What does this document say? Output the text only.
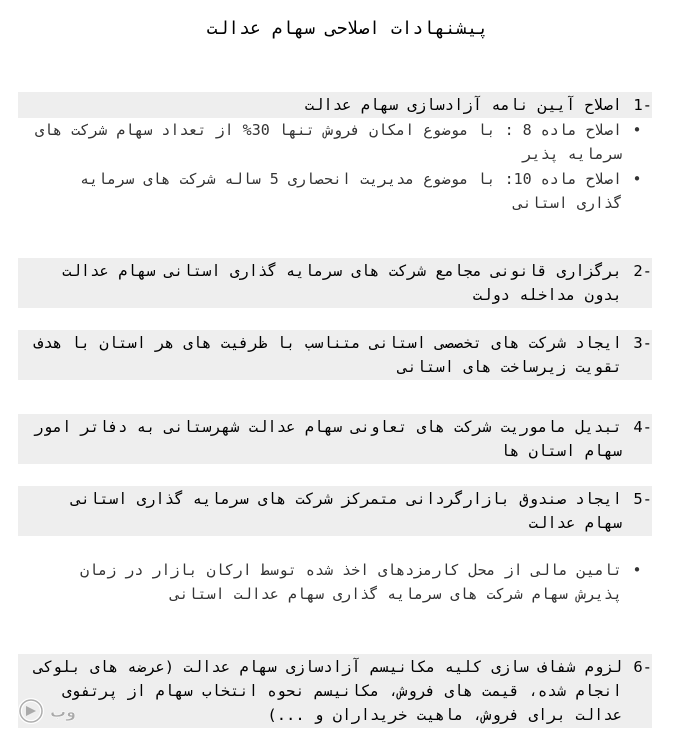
پیشنهادات اصلاحی سهام عدالت
1-
اصلاح آیین نامه آزادسازی سهام عدالت
•
اصلاح ماده 8 : با موضوع امکان فروش تنها 30% از تعداد سهام شرکت های سرمایه پذیر
•
اصلاح ماده 10: با موضوع مدیریت انحصاری 5 ساله شرکت های سرمایه گذاری استانی
2-
برگزاری قانونی مجامع شرکت های سرمایه گذاری استانی سهام عدالت بدون مداخله دولت
3-
ایجاد شرکت های تخصصی استانی متناسب با ظرفیت های هر استان با هدف تقویت زیرساخت های استانی
4-
تبدیل ماموریت شرکت های تعاونی سهام عدالت شهرستانی به دفاتر امور سهام استان ها
5-
ایجاد صندوق بازارگردانی متمرکز شرکت های سرمایه گذاری استانی سهام عدالت
•
تامین مالی از محل کارمزدهای اخذ شده توسط ارکان بازار در زمان پذیرش سهام شرکت های سرمایه گذاری سهام عدالت استانی
6-
لزوم شفاف سازی کلیه مکانیسم آزادسازی سهام عدالت (عرضه های بلوکی انجام شده، قیمت های فروش، مکانیسم نحوه انتخاب سهام از پرتفوی عدالت برای فروش، ماهیت خریداران و ...)
وب
